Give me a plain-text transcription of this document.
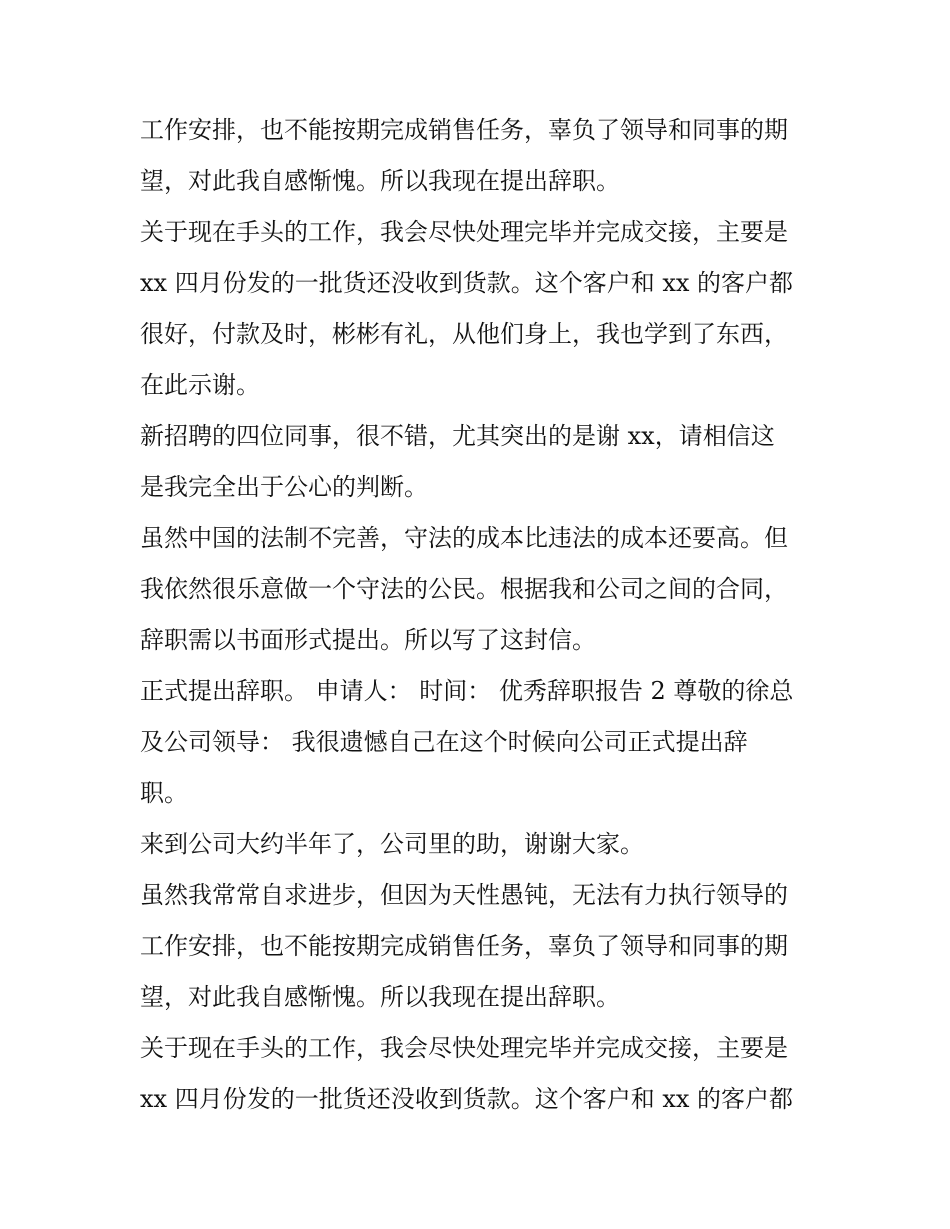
工作安排，也不能按期完成销售任务，辜负了领导和同事的期
望，对此我自感惭愧。所以我现在提出辞职。
关于现在手头的工作，我会尽快处理完毕并完成交接，主要是
xx 四月份发的一批货还没收到货款。这个客户和 xx 的客户都
很好，付款及时，彬彬有礼，从他们身上，我也学到了东西，
在此示谢。
新招聘的四位同事，很不错，尤其突出的是谢 xx，请相信这
是我完全出于公心的判断。
虽然中国的法制不完善，守法的成本比违法的成本还要高。但
我依然很乐意做一个守法的公民。根据我和公司之间的合同，
辞职需以书面形式提出。所以写了这封信。
正式提出辞职。 申请人： 时间： 优秀辞职报告 2 尊敬的徐总
及公司领导： 我很遗憾自己在这个时候向公司正式提出辞
职。
来到公司大约半年了，公司里的助，谢谢大家。
虽然我常常自求进步，但因为天性愚钝，无法有力执行领导的
工作安排，也不能按期完成销售任务，辜负了领导和同事的期
望，对此我自感惭愧。所以我现在提出辞职。
关于现在手头的工作，我会尽快处理完毕并完成交接，主要是
xx 四月份发的一批货还没收到货款。这个客户和 xx 的客户都
